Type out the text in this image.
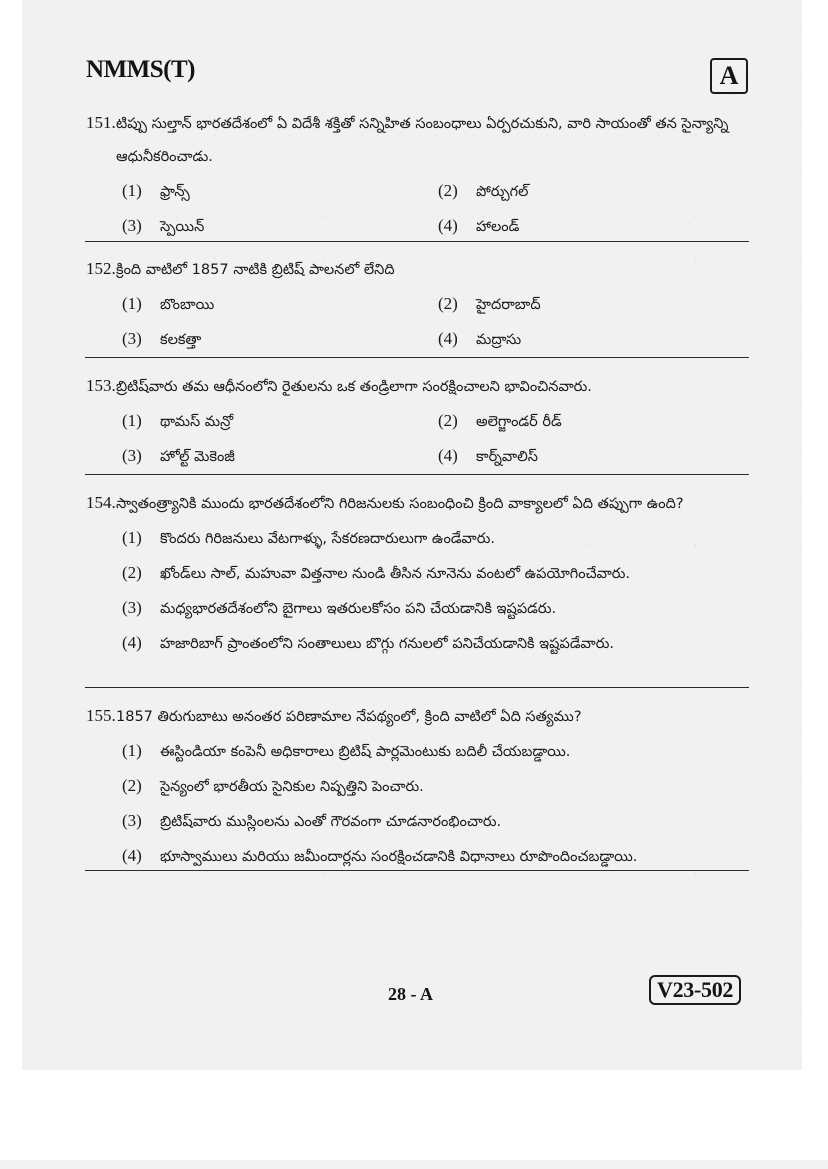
NMMS(T)	A
151.టిప్పు సుల్తాన్ భారతదేశంలో ఏ విదేశీ శక్తితో సన్నిహిత సంబంధాలు ఏర్పరచుకుని, వారి సాయంతో తన సైన్యాన్ని ఆధునీకరించాడు.
(1) ఫ్రాన్స్	(2) పోర్చుగల్
(3) స్పెయిన్	(4) హాలండ్
152.క్రింది వాటిలో 1857 నాటికి బ్రిటిష్ పాలనలో లేనిది
(1) బొంబాయి	(2) హైదరాబాద్
(3) కలకత్తా	(4) మద్రాసు
153.బ్రిటిష్‌వారు తమ ఆధీనంలోని రైతులను ఒక తండ్రిలాగా సంరక్షించాలని భావించినవారు.
(1) థామస్ మన్రో	(2) అలెగ్జాండర్ రీడ్
(3) హోల్ట్ మెకెంజీ	(4) కార్న్‌వాలిస్
154.స్వాతంత్ర్యానికి ముందు భారతదేశంలోని గిరిజనులకు సంబంధించి క్రింది వాక్యాలలో ఏది తప్పుగా ఉంది?
(1) కొందరు గిరిజనులు వేటగాళ్ళు, సేకరణదారులుగా ఉండేవారు.
(2) ఖోండ్‌లు సాల్, మహువా విత్తనాల నుండి తీసిన నూనెను వంటలో ఉపయోగించేవారు.
(3) మధ్యభారతదేశంలోని బైగాలు ఇతరులకోసం పని చేయడానికి ఇష్టపడరు.
(4) హజారిబాగ్ ప్రాంతంలోని సంతాలులు బొగ్గు గనులలో పనిచేయడానికి ఇష్టపడేవారు.
155.1857 తిరుగుబాటు అనంతర పరిణామాల నేపథ్యంలో, క్రింది వాటిలో ఏది సత్యము?
(1) ఈస్టిండియా కంపెనీ అధికారాలు బ్రిటిష్ పార్లమెంటుకు బదిలీ చేయబడ్డాయి.
(2) సైన్యంలో భారతీయ సైనికుల నిష్పత్తిని పెంచారు.
(3) బ్రిటిష్‌వారు ముస్లింలను ఎంతో గౌరవంగా చూడనారంభించారు.
(4) భూస్వాములు మరియు జమీందార్లను సంరక్షించడానికి విధానాలు రూపొందించబడ్డాయి.
28 - A	V23-502
